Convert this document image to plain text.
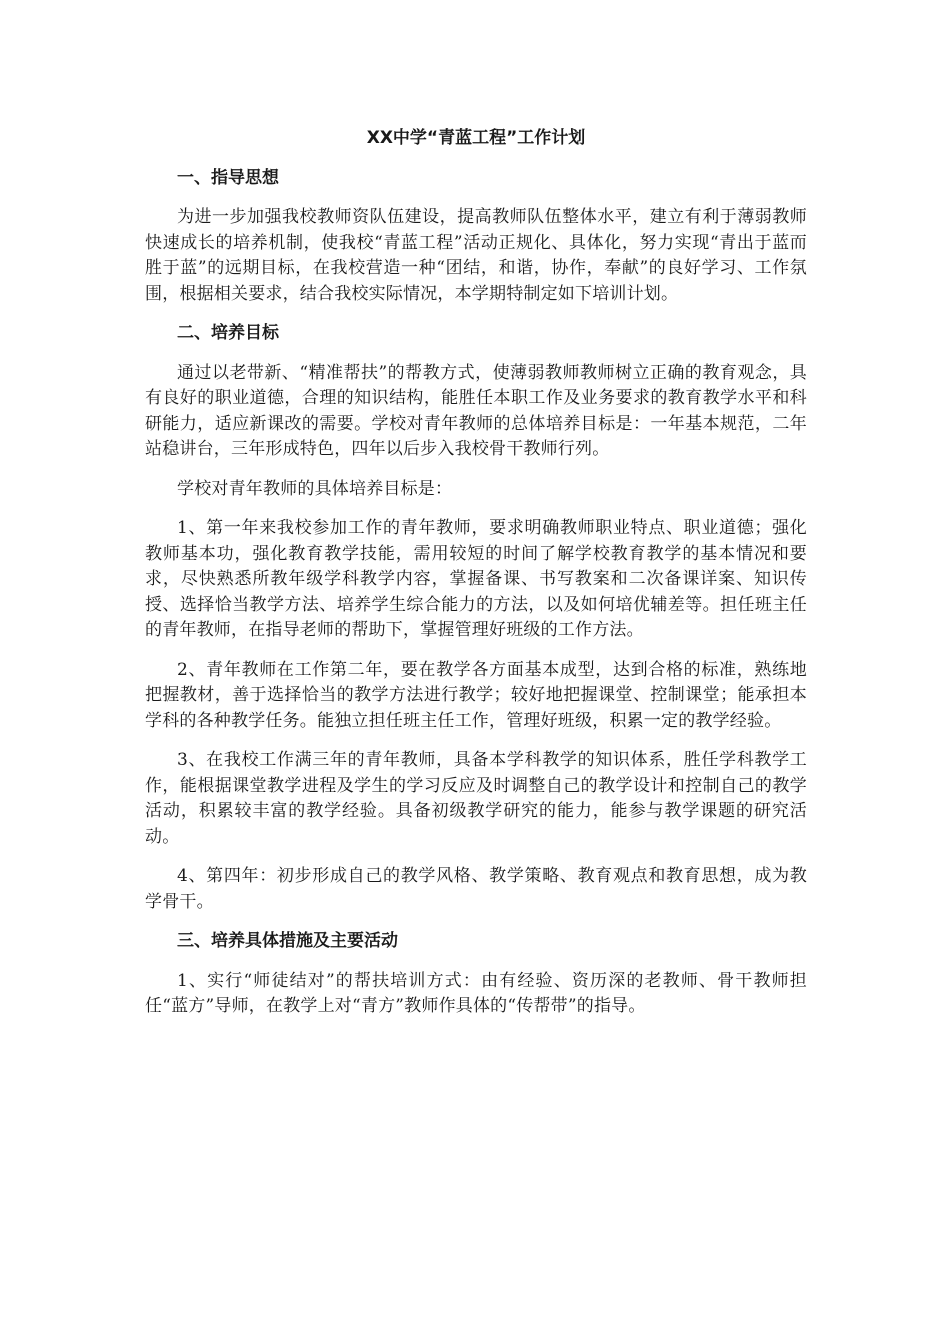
XX中学“青蓝工程”工作计划
一、指导思想

为进一步加强我校教师资队伍建设，提高教师队伍整体水平，建立有利于薄弱教师快速成长的培养机制，使我校“青蓝工程”活动正规化、具体化，努力实现“青出于蓝而胜于蓝”的远期目标，在我校营造一种“团结，和谐，协作，奉献”的良好学习、工作氛围，根据相关要求，结合我校实际情况，本学期特制定如下培训计划。

二、培养目标

通过以老带新、“精准帮扶”的帮教方式，使薄弱教师教师树立正确的教育观念，具有良好的职业道德，合理的知识结构，能胜任本职工作及业务要求的教育教学水平和科研能力，适应新课改的需要。学校对青年教师的总体培养目标是：一年基本规范，二年站稳讲台，三年形成特色，四年以后步入我校骨干教师行列。

学校对青年教师的具体培养目标是：

1、第一年来我校参加工作的青年教师，要求明确教师职业特点、职业道德；强化教师基本功，强化教育教学技能，需用较短的时间了解学校教育教学的基本情况和要求，尽快熟悉所教年级学科教学内容，掌握备课、书写教案和二次备课详案、知识传授、选择恰当教学方法、培养学生综合能力的方法，以及如何培优辅差等。担任班主任的青年教师，在指导老师的帮助下，掌握管理好班级的工作方法。

2、青年教师在工作第二年，要在教学各方面基本成型，达到合格的标准，熟练地把握教材，善于选择恰当的教学方法进行教学；较好地把握课堂、控制课堂；能承担本学科的各种教学任务。能独立担任班主任工作，管理好班级，积累一定的教学经验。

3、在我校工作满三年的青年教师，具备本学科教学的知识体系，胜任学科教学工作，能根据课堂教学进程及学生的学习反应及时调整自己的教学设计和控制自己的教学活动，积累较丰富的教学经验。具备初级教学研究的能力，能参与教学课题的研究活动。

4、第四年：初步形成自己的教学风格、教学策略、教育观点和教育思想，成为教学骨干。

三、培养具体措施及主要活动

1、实行“师徒结对”的帮扶培训方式：由有经验、资历深的老教师、骨干教师担任“蓝方”导师，在教学上对“青方”教师作具体的“传帮带”的指导。
